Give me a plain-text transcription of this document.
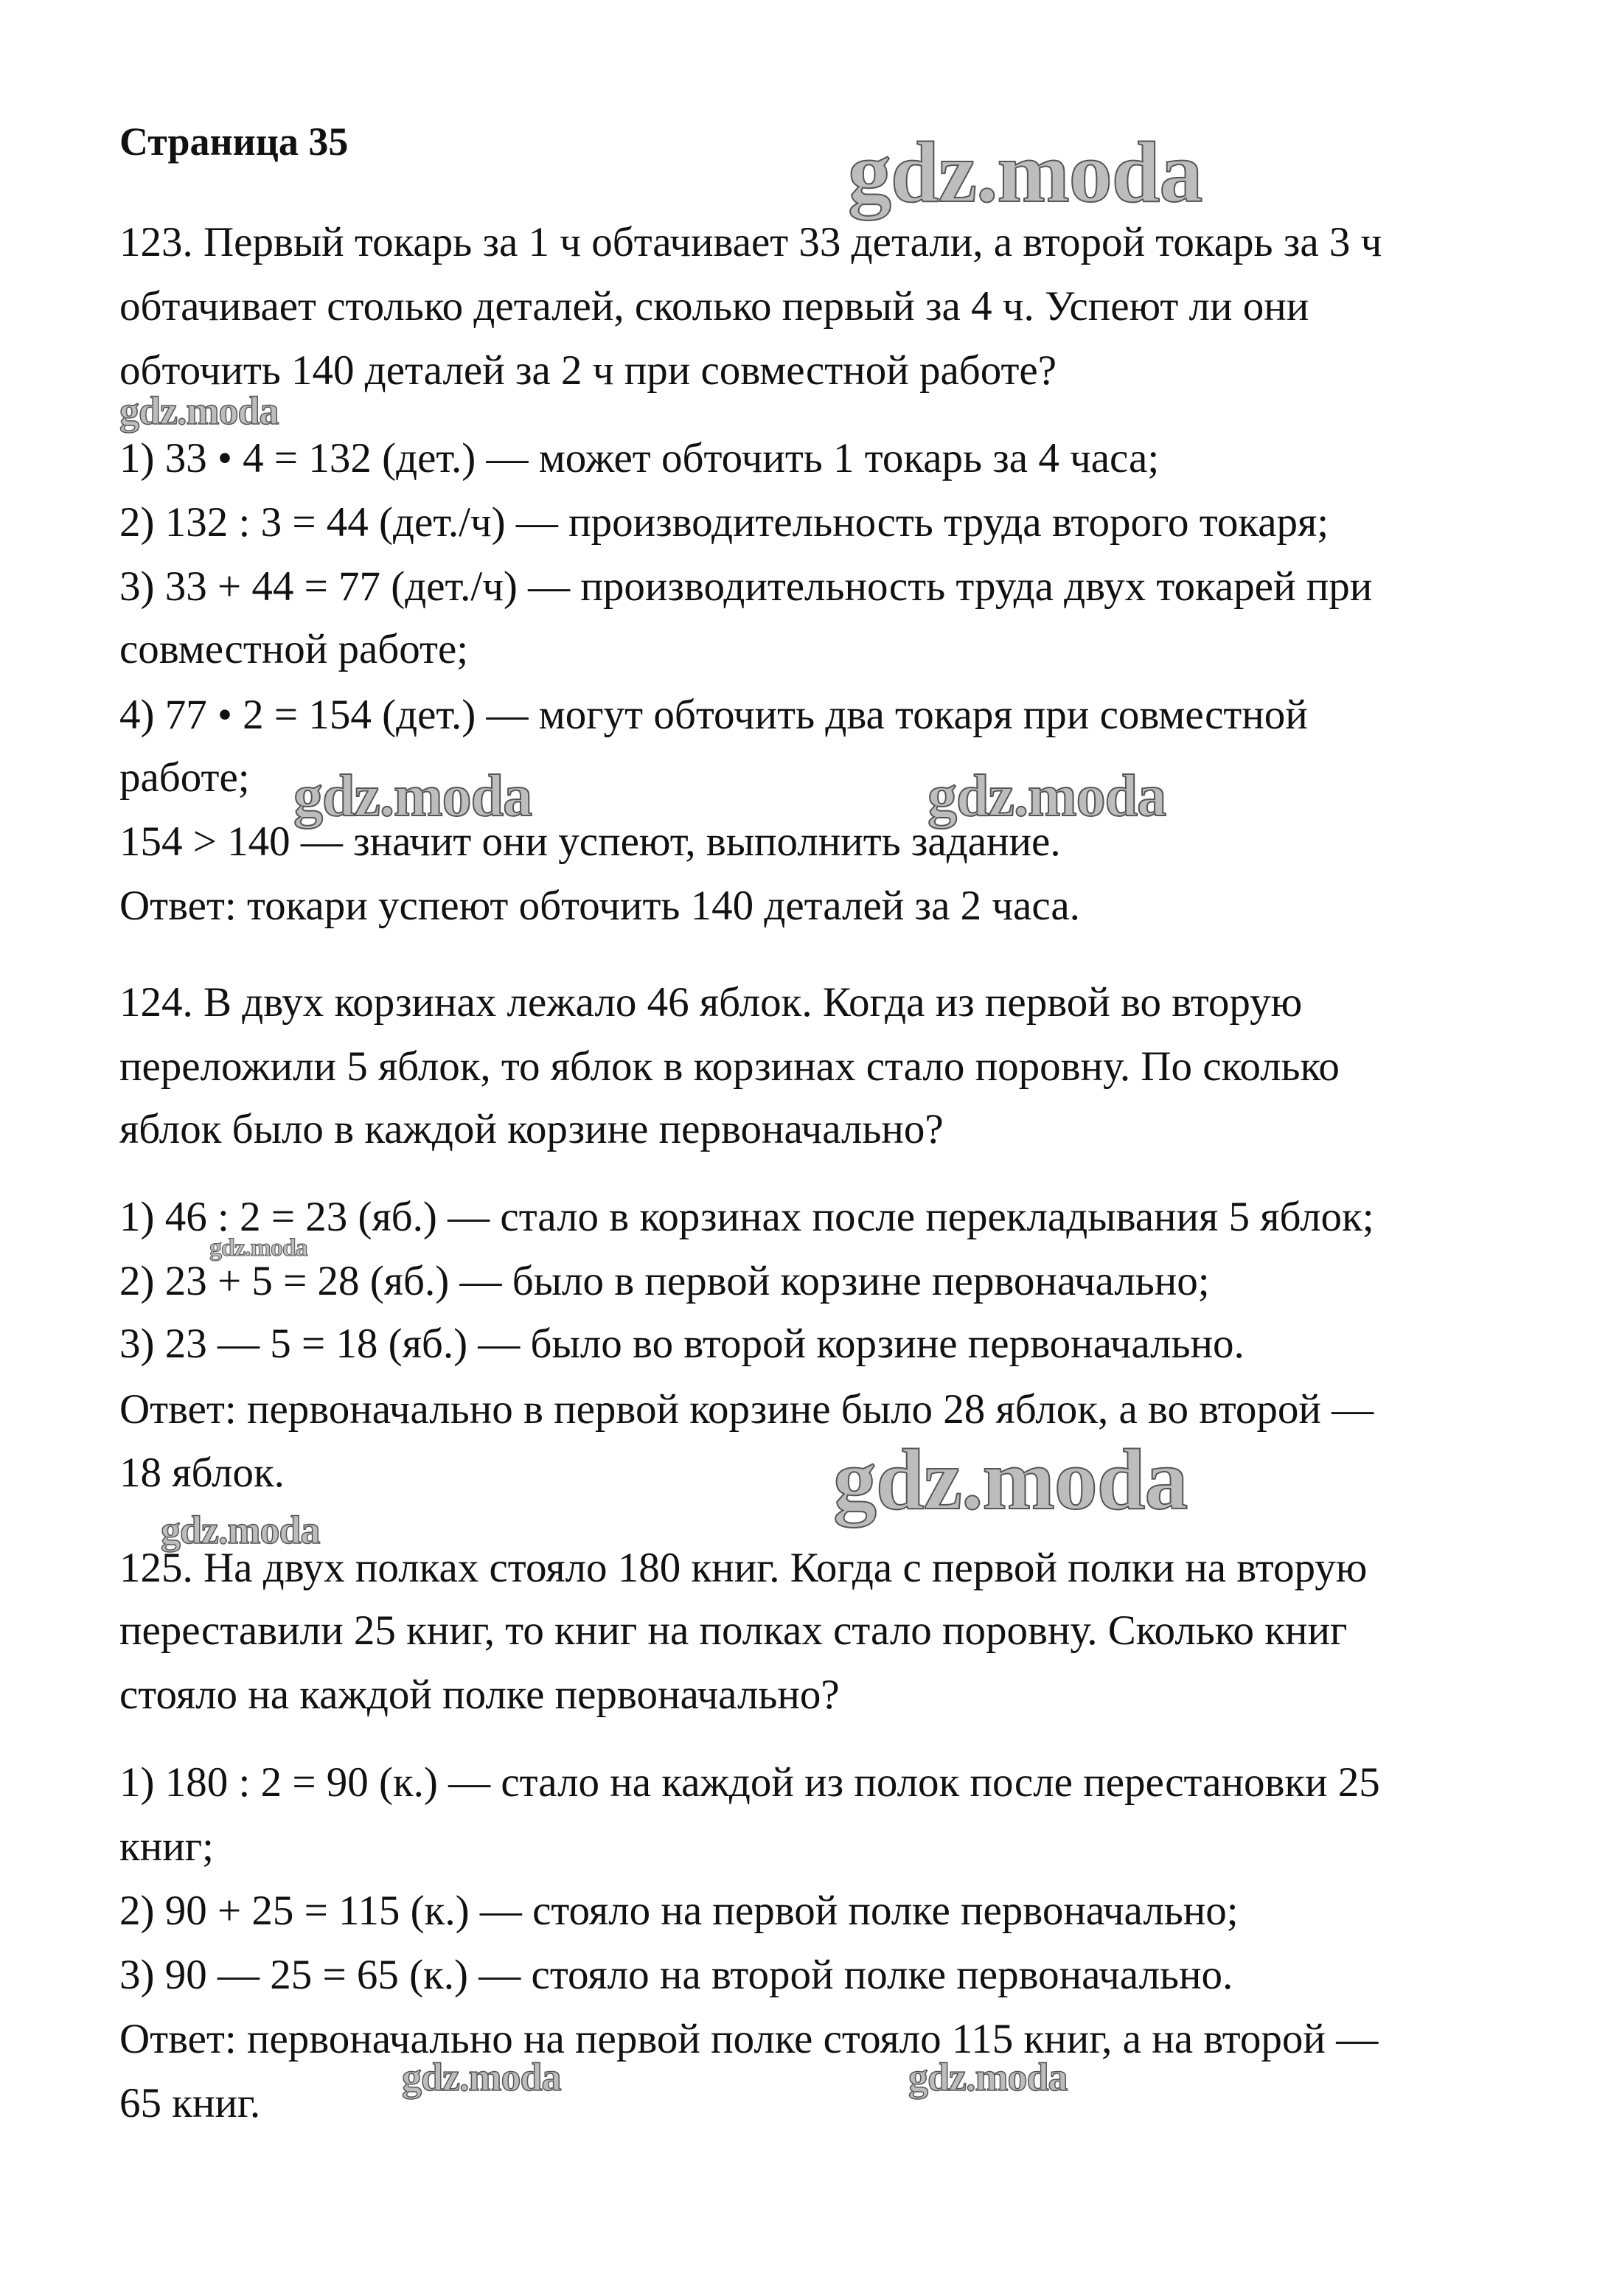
Страница 35
123. Первый токарь за 1 ч обтачивает 33 детали, а второй токарь за 3 ч
обтачивает столько деталей, сколько первый за 4 ч. Успеют ли они
обточить 140 деталей за 2 ч при совместной работе?
1) 33 • 4 = 132 (дет.) — может обточить 1 токарь за 4 часа;
2) 132 : 3 = 44 (дет./ч) — производительность труда второго токаря;
3) 33 + 44 = 77 (дет./ч) — производительность труда двух токарей при
совместной работе;
4) 77 • 2 = 154 (дет.) — могут обточить два токаря при совместной
работе;
154 > 140 — значит они успеют, выполнить задание.
Ответ: токари успеют обточить 140 деталей за 2 часа.
124. В двух корзинах лежало 46 яблок. Когда из первой во вторую
переложили 5 яблок, то яблок в корзинах стало поровну. По сколько
яблок было в каждой корзине первоначально?
1) 46 : 2 = 23 (яб.) — стало в корзинах после перекладывания 5 яблок;
2) 23 + 5 = 28 (яб.) — было в первой корзине первоначально;
3) 23 — 5 = 18 (яб.) — было во второй корзине первоначально.
Ответ: первоначально в первой корзине было 28 яблок, а во второй —
18 яблок.
125. На двух полках стояло 180 книг. Когда с первой полки на вторую
переставили 25 книг, то книг на полках стало поровну. Сколько книг
стояло на каждой полке первоначально?
1) 180 : 2 = 90 (к.) — стало на каждой из полок после перестановки 25
книг;
2) 90 + 25 = 115 (к.) — стояло на первой полке первоначально;
3) 90 — 25 = 65 (к.) — стояло на второй полке первоначально.
Ответ: первоначально на первой полке стояло 115 книг, а на второй —
65 книг.
gdz.moda
gdz.moda
gdz.moda	gdz.moda
gdz.moda
gdz.moda
gdz.moda
gdz.moda	gdz.moda
